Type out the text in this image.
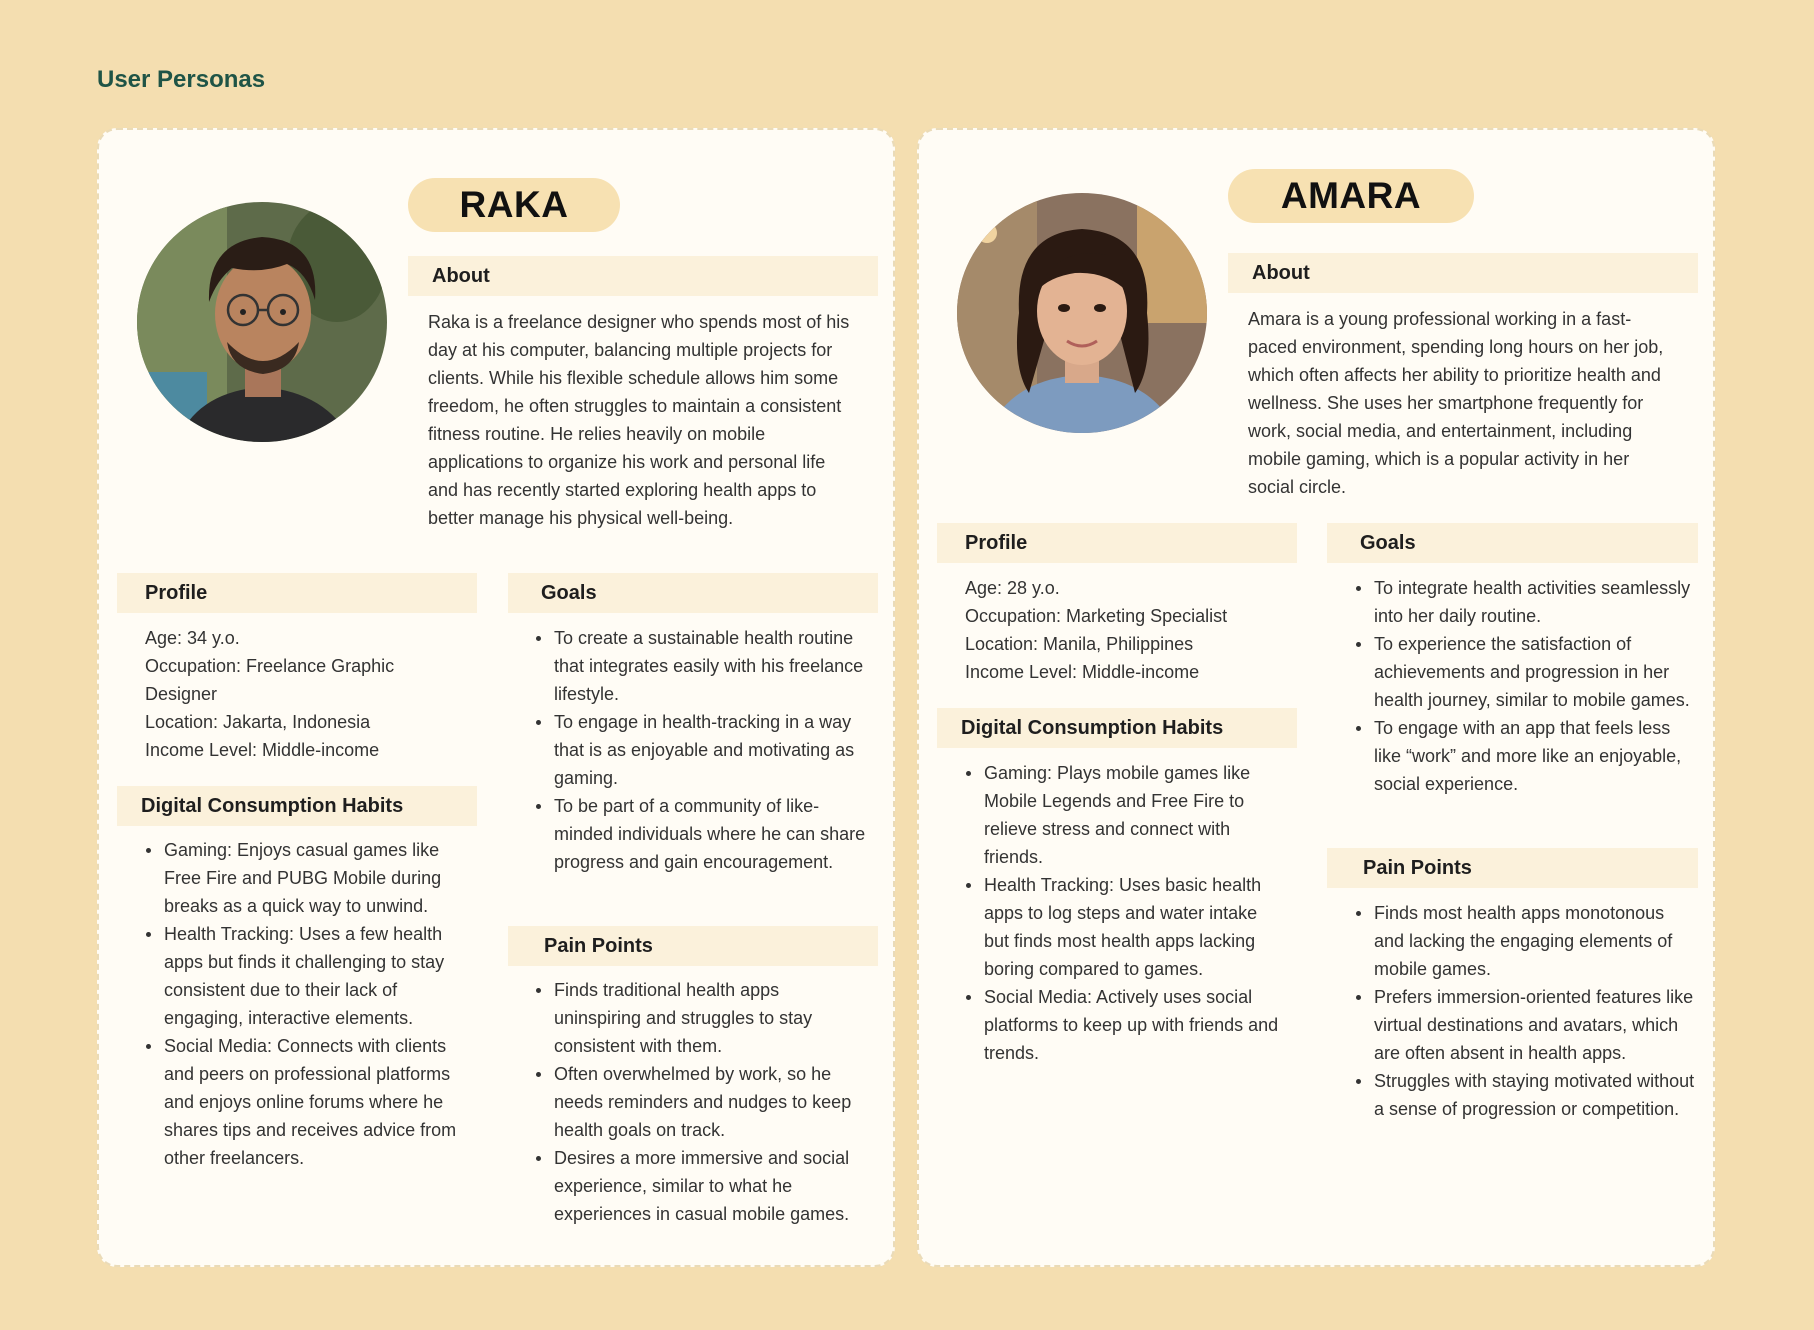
User Personas
RAKA
About

Raka is a freelance designer who spends most of his day at his computer, balancing multiple projects for clients. While his flexible schedule allows him some freedom, he often struggles to maintain a consistent fitness routine. He relies heavily on mobile applications to organize his work and personal life and has recently started exploring health apps to better manage his physical well-being.

Profile
Age: 34 y.o.
Occupation: Freelance Graphic Designer
Location: Jakarta, Indonesia
Income Level: Middle-income
Digital Consumption Habits
Gaming: Enjoys casual games like Free Fire and PUBG Mobile during breaks as a quick way to unwind.
Health Tracking: Uses a few health apps but finds it challenging to stay consistent due to their lack of engaging, interactive elements.
Social Media: Connects with clients and peers on professional platforms and enjoys online forums where he shares tips and receives advice from other freelancers.
Goals
To create a sustainable health routine that integrates easily with his freelance lifestyle.
To engage in health-tracking in a way that is as enjoyable and motivating as gaming.
To be part of a community of like-minded individuals where he can share progress and gain encouragement.
Pain Points
Finds traditional health apps uninspiring and struggles to stay consistent with them.
Often overwhelmed by work, so he needs reminders and nudges to keep health goals on track.
Desires a more immersive and social experience, similar to what he experiences in casual mobile games.
AMARA
About

Amara is a young professional working in a fast-paced environment, spending long hours on her job, which often affects her ability to prioritize health and wellness. She uses her smartphone frequently for work, social media, and entertainment, including mobile gaming, which is a popular activity in her social circle.

Profile
Age: 28 y.o.
Occupation: Marketing Specialist
Location: Manila, Philippines
Income Level: Middle-income
Digital Consumption Habits
Gaming: Plays mobile games like Mobile Legends and Free Fire to relieve stress and connect with friends.
Health Tracking: Uses basic health apps to log steps and water intake but finds most health apps lacking boring compared to games.
Social Media: Actively uses social platforms to keep up with friends and trends.
Goals
To integrate health activities seamlessly into her daily routine.
To experience the satisfaction of achievements and progression in her health journey, similar to mobile games.
To engage with an app that feels less like “work” and more like an enjoyable, social experience.
Pain Points
Finds most health apps monotonous and lacking the engaging elements of mobile games.
Prefers immersion-oriented features like virtual destinations and avatars, which are often absent in health apps.
Struggles with staying motivated without a sense of progression or competition.
